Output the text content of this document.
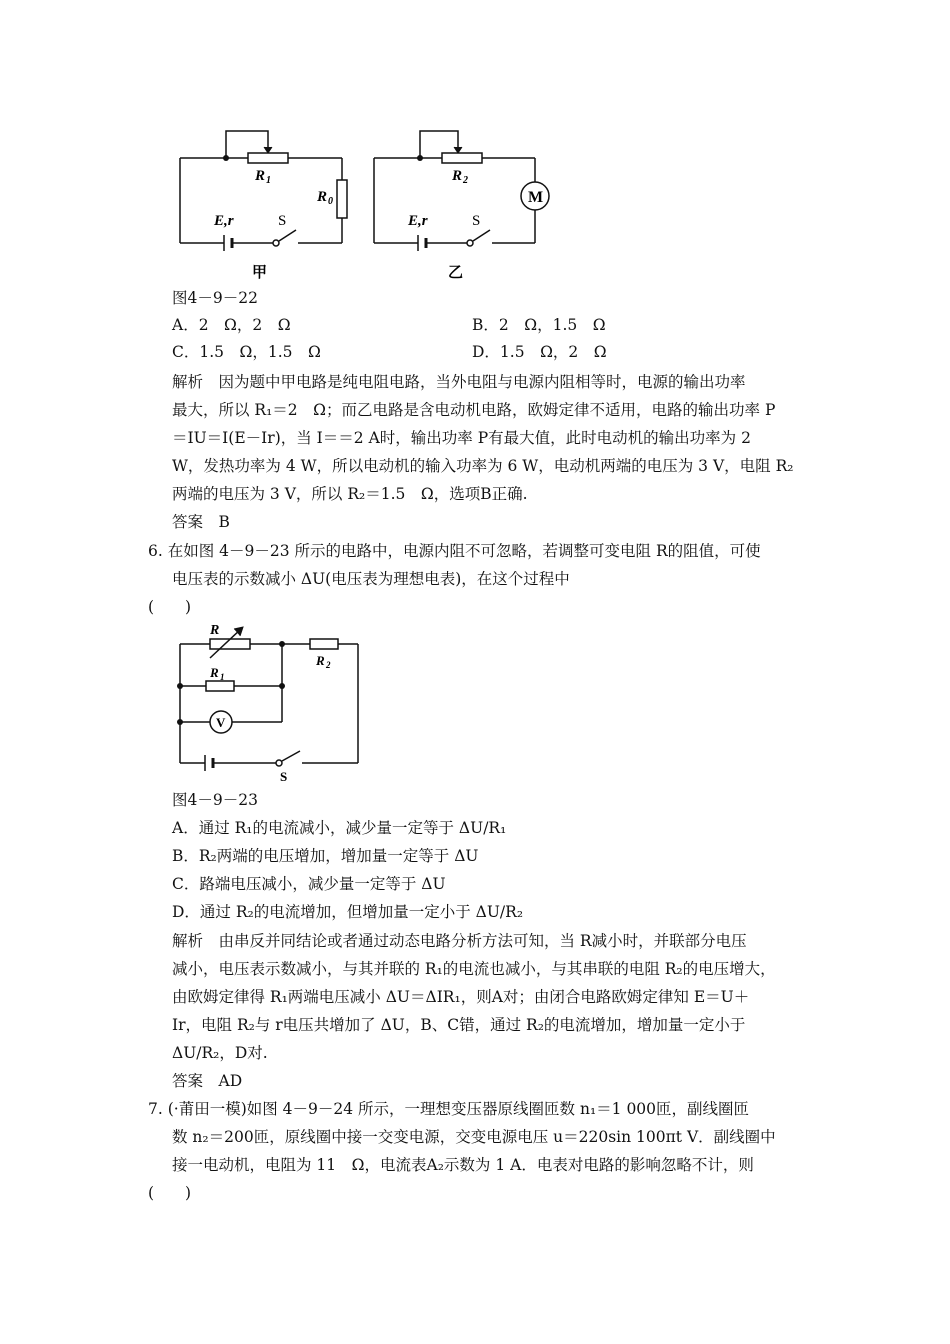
R 1
R 0
E,r	S
甲
R 2
M
E,r	S
乙
图4－9－22
A．2　Ω，2　Ω	B．2　Ω，1.5　Ω
C．1.5　Ω，1.5　Ω	D．1.5　Ω，2　Ω
解析　因为题中甲电路是纯电阻电路，当外电阻与电源内阻相等时，电源的输出功率
最大，所以 R₁＝2　Ω；而乙电路是含电动机电路，欧姆定律不适用，电路的输出功率 P
＝IU＝I(E－Ir)，当 I＝＝2 A时，输出功率 P有最大值，此时电动机的输出功率为 2
W，发热功率为 4 W，所以电动机的输入功率为 6 W，电动机两端的电压为 3 V，电阻 R₂
两端的电压为 3 V，所以 R₂＝1.5　Ω，选项B正确.
答案　B
6. 在如图 4－9－23 所示的电路中，电源内阻不可忽略，若调整可变电阻 R的阻值，可使
电压表的示数减小 ΔU(电压表为理想电表)，在这个过程中
(　　)
R
R 1
R 2
V
S
图4－9－23
A．通过 R₁的电流减小，减少量一定等于 ΔU/R₁
B．R₂两端的电压增加，增加量一定等于 ΔU
C．路端电压减小，减少量一定等于 ΔU
D．通过 R₂的电流增加，但增加量一定小于 ΔU/R₂
解析　由串反并同结论或者通过动态电路分析方法可知，当 R减小时，并联部分电压
减小，电压表示数减小，与其并联的 R₁的电流也减小，与其串联的电阻 R₂的电压增大，
由欧姆定律得 R₁两端电压减小 ΔU＝ΔIR₁，则A对；由闭合电路欧姆定律知 E＝U＋
Ir，电阻 R₂与 r电压共增加了 ΔU，B、C错，通过 R₂的电流增加，增加量一定小于
ΔU/R₂，D对.
答案　AD
7. (·莆田一模)如图 4－9－24 所示，一理想变压器原线圈匝数 n₁＝1 000匝，副线圈匝
数 n₂＝200匝，原线圈中接一交变电源，交变电源电压 u＝220sin 100πt V．副线圈中
接一电动机，电阻为 11　Ω，电流表A₂示数为 1 A．电表对电路的影响忽略不计，则
(　　)
